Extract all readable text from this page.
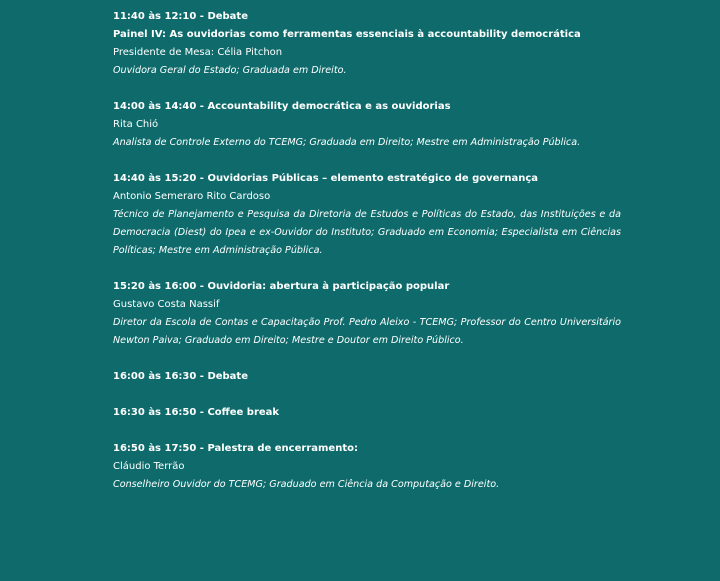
11:40 às 12:10 - Debate
Painel IV: As ouvidorias como ferramentas essenciais à accountability democrática
Presidente de Mesa: Célia Pitchon
Ouvidora Geral do Estado; Graduada em Direito.
14:00 às 14:40 - Accountability democrática e as ouvidorias
Rita Chió
Analista de Controle Externo do TCEMG; Graduada em Direito; Mestre em Administração Pública.
14:40 às 15:20 - Ouvidorias Públicas – elemento estratégico de governança
Antonio Semeraro Rito Cardoso
Técnico de Planejamento e Pesquisa da Diretoria de Estudos e Políticas do Estado, das Instituições e da Democracia (Diest) do Ipea e ex-Ouvidor do Instituto; Graduado em Economia; Especialista em Ciências Políticas; Mestre em Administração Pública.
15:20 às 16:00 - Ouvidoria: abertura à participação popular
Gustavo Costa Nassif
Diretor da Escola de Contas e Capacitação Prof. Pedro Aleixo - TCEMG; Professor do Centro Universitário Newton Paiva; Graduado em Direito; Mestre e Doutor em Direito Público.
16:00 às 16:30 - Debate
16:30 às 16:50 - Coffee break
16:50 às 17:50 - Palestra de encerramento:
Cláudio Terrão
Conselheiro Ouvidor do TCEMG; Graduado em Ciência da Computação e Direito.
